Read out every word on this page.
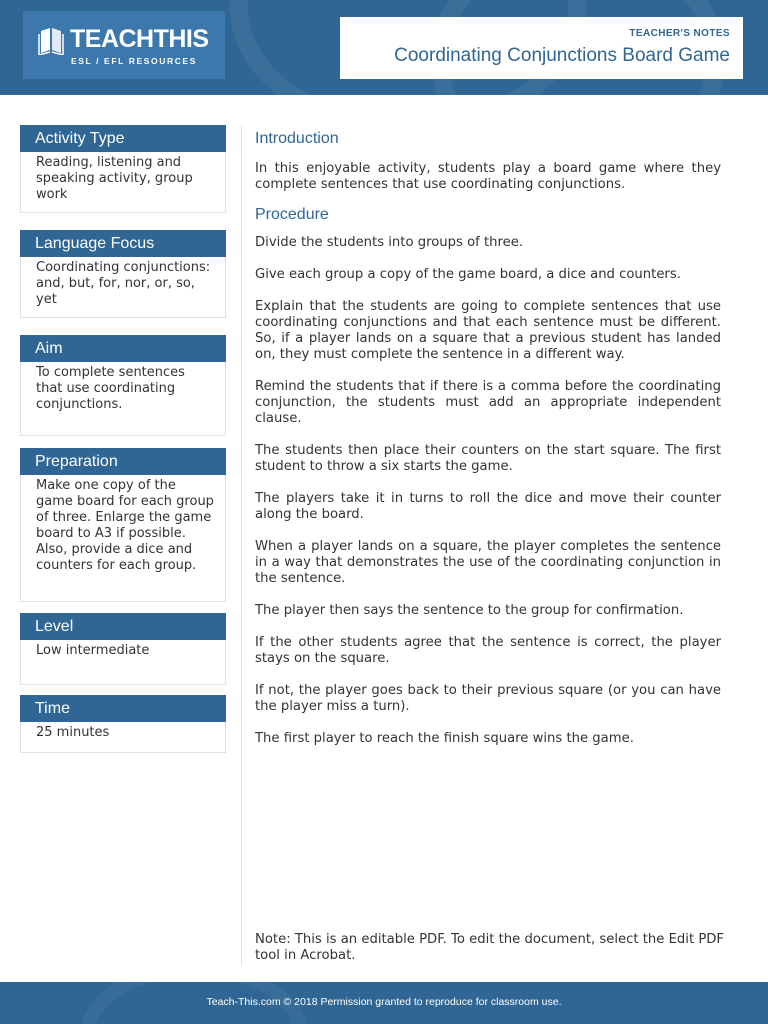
TEACHTHIS
ESL / EFL RESOURCES
TEACHER'S NOTES
Coordinating Conjunctions Board Game
Activity Type
Reading, listening and speaking activity, group work
Language Focus
Coordinating conjunctions: and, but, for, nor, or, so, yet
Aim
To complete sentences that use coordinating conjunctions.
Preparation
Make one copy of the game board for each group of three. Enlarge the game board to A3 if possible. Also, provide a dice and counters for each group.
Level
Low intermediate
Time
25 minutes
Introduction

In this enjoyable activity, students play a board game where they complete sentences that use coordinating conjunctions.

Procedure

Divide the students into groups of three.

Give each group a copy of the game board, a dice and counters.

Explain that the students are going to complete sentences that use coordinating conjunctions and that each sentence must be different. So, if a player lands on a square that a previous student has landed on, they must complete the sentence in a different way.

Remind the students that if there is a comma before the coordinating conjunction, the students must add an appropriate independent clause.

The students then place their counters on the start square. The first student to throw a six starts the game.

The players take it in turns to roll the dice and move their counter along the board.

When a player lands on a square, the player completes the sentence in a way that demonstrates the use of the coordinating conjunction in the sentence.

The player then says the sentence to the group for confirmation.

If the other students agree that the sentence is correct, the player stays on the square.

If not, the player goes back to their previous square (or you can have the player miss a turn).

The first player to reach the finish square wins the game.

Note: This is an editable PDF. To edit the document, select the Edit PDF tool in Acrobat.
Teach-This.com © 2018 Permission granted to reproduce for classroom use.
